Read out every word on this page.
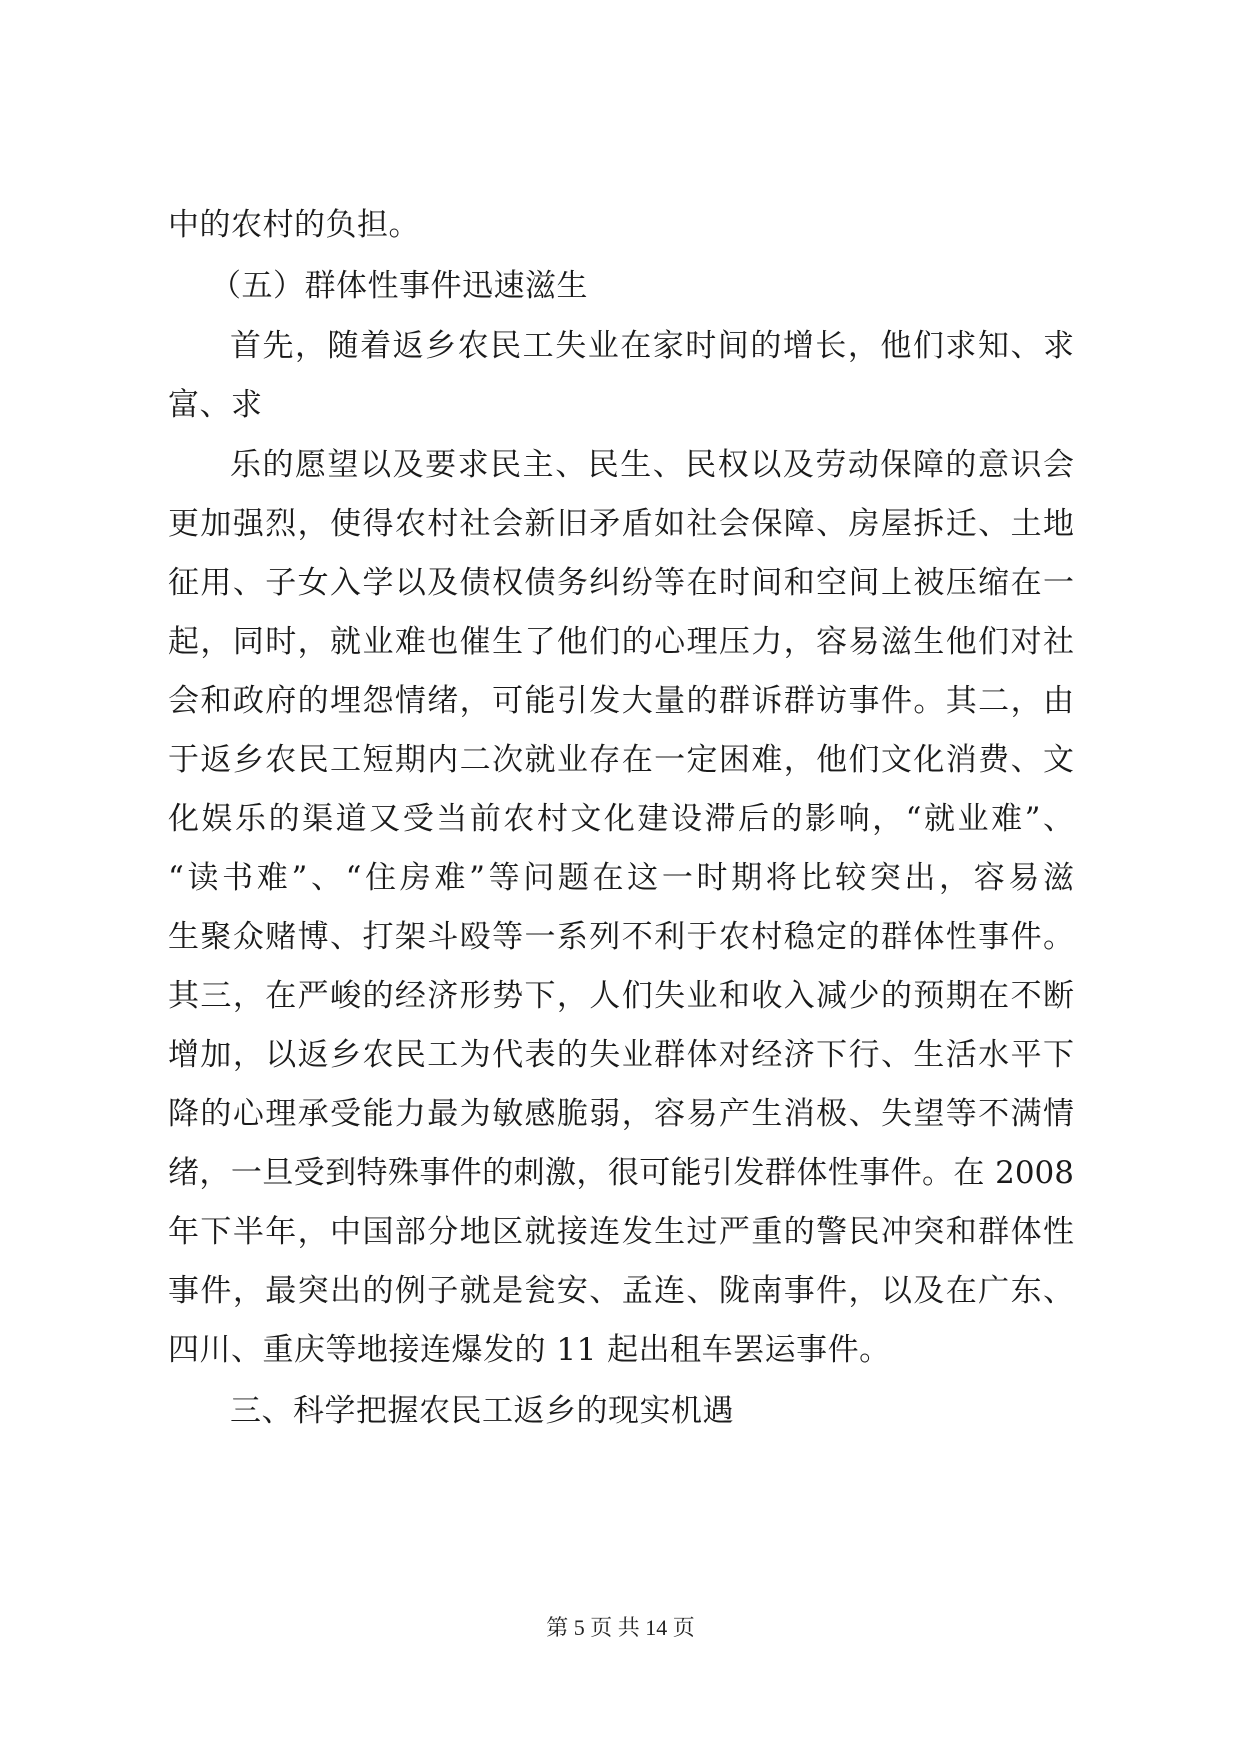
中的农村的负担。
（五）群体性事件迅速滋生
首先，随着返乡农民工失业在家时间的增长，他们求知、求
富、求
乐的愿望以及要求民主、民生、民权以及劳动保障的意识会
更加强烈，使得农村社会新旧矛盾如社会保障、房屋拆迁、土地
征用、子女入学以及债权债务纠纷等在时间和空间上被压缩在一
起，同时，就业难也催生了他们的心理压力，容易滋生他们对社
会和政府的埋怨情绪，可能引发大量的群诉群访事件。其二，由
于返乡农民工短期内二次就业存在一定困难，他们文化消费、文
化娱乐的渠道又受当前农村文化建设滞后的影响，“就业难”、
“读书难”、“住房难”等问题在这一时期将比较突出，容易滋
生聚众赌博、打架斗殴等一系列不利于农村稳定的群体性事件。
其三，在严峻的经济形势下，人们失业和收入减少的预期在不断
增加，以返乡农民工为代表的失业群体对经济下行、生活水平下
降的心理承受能力最为敏感脆弱，容易产生消极、失望等不满情
绪，一旦受到特殊事件的刺激，很可能引发群体性事件。在 2008
年下半年，中国部分地区就接连发生过严重的警民冲突和群体性
事件，最突出的例子就是瓮安、孟连、陇南事件，以及在广东、
四川、重庆等地接连爆发的 11 起出租车罢运事件。
三、科学把握农民工返乡的现实机遇
第 5 页 共 14 页
